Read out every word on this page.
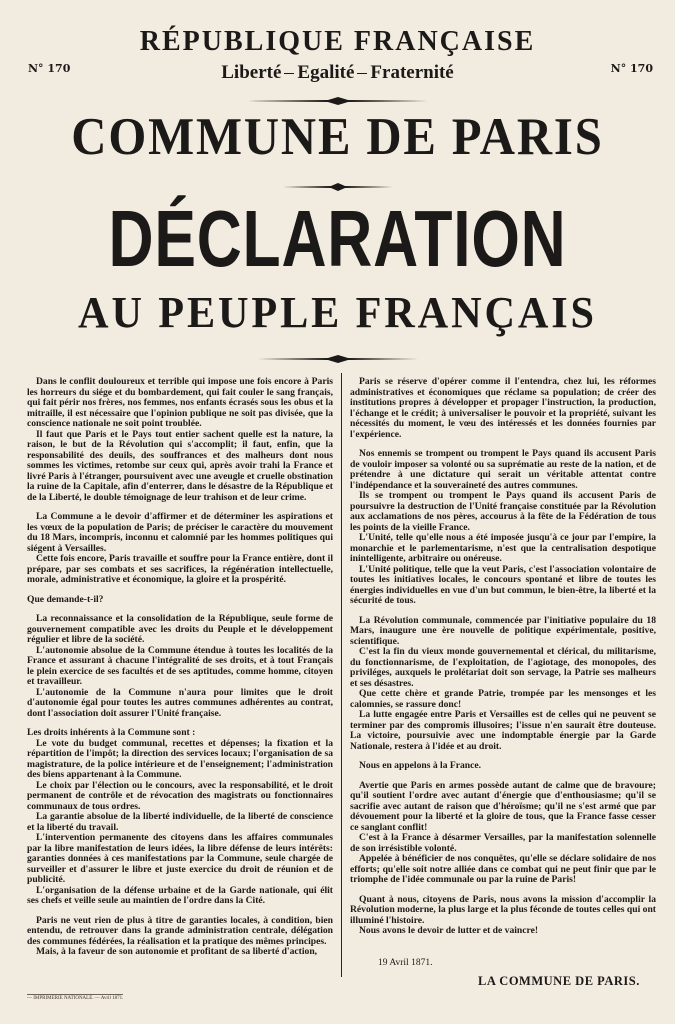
N° 170	N° 170
RÉPUBLIQUE FRANÇAISE
Liberté Egalité Fraternité
COMMUNE DE PARIS
DÉCLARATION
AU PEUPLE FRANÇAIS

Dans le conflit douloureux et terrible qui impose une fois encore à Paris les horreurs du siége et du bombardement, qui fait couler le sang français, qui fait périr nos frères, nos femmes, nos enfants écrasés sous les obus et la mitraille, il est nécessaire que l'opinion publique ne soit pas divisée, que la conscience nationale ne soit point troublée.

Il faut que Paris et le Pays tout entier sachent quelle est la nature, la raison, le but de la Révolution qui s'accomplit; il faut, enfin, que la responsabilité des deuils, des souffrances et des malheurs dont nous sommes les victimes, retombe sur ceux qui, après avoir trahi la France et livré Paris à l'étranger, poursuivent avec une aveugle et cruelle obstination la ruine de la Capitale, afin d'enterrer, dans le désastre de la République et de la Liberté, le double témoignage de leur trahison et de leur crime.

La Commune a le devoir d'affirmer et de déterminer les aspirations et les vœux de la population de Paris; de préciser le caractère du mouvement du 18 Mars, incompris, inconnu et calomnié par les hommes politiques qui siégent à Versailles.

Cette fois encore, Paris travaille et souffre pour la France entière, dont il prépare, par ses combats et ses sacrifices, la régénération intellectuelle, morale, administrative et économique, la gloire et la prospérité.

Que demande-t-il?

La reconnaissance et la consolidation de la République, seule forme de gouvernement compatible avec les droits du Peuple et le développement régulier et libre de la société.

L'autonomie absolue de la Commune étendue à toutes les localités de la France et assurant à chacune l'intégralité de ses droits, et à tout Français le plein exercice de ses facultés et de ses aptitudes, comme homme, citoyen et travailleur.

L'autonomie de la Commune n'aura pour limites que le droit d'autonomie égal pour toutes les autres communes adhérentes au contrat, dont l'association doit assurer l'Unité française.

Les droits inhérents à la Commune sont :

Le vote du budget communal, recettes et dépenses; la fixation et la répartition de l'impôt; la direction des services locaux; l'organisation de sa magistrature, de la police intérieure et de l'enseignement; l'administration des biens appartenant à la Commune.

Le choix par l'élection ou le concours, avec la responsabilité, et le droit permanent de contrôle et de révocation des magistrats ou fonctionnaires communaux de tous ordres.

La garantie absolue de la liberté individuelle, de la liberté de conscience et la liberté du travail.

L'intervention permanente des citoyens dans les affaires communales par la libre manifestation de leurs idées, la libre défense de leurs intérêts: garanties données à ces manifestations par la Commune, seule chargée de surveiller et d'assurer le libre et juste exercice du droit de réunion et de publicité.

L'organisation de la défense urbaine et de la Garde nationale, qui élit ses chefs et veille seule au maintien de l'ordre dans la Cité.

Paris ne veut rien de plus à titre de garanties locales, à condition, bien entendu, de retrouver dans la grande administration centrale, délégation des communes fédérées, la réalisation et la pratique des mêmes principes.

Mais, à la faveur de son autonomie et profitant de sa liberté d'action,

Paris se réserve d'opérer comme il l'entendra, chez lui, les réformes administratives et économiques que réclame sa population; de créer des institutions propres à développer et propager l'instruction, la production, l'échange et le crédit; à universaliser le pouvoir et la propriété, suivant les nécessités du moment, le vœu des intéressés et les données fournies par l'expérience.

Nos ennemis se trompent ou trompent le Pays quand ils accusent Paris de vouloir imposer sa volonté ou sa suprématie au reste de la nation, et de prétendre à une dictature qui serait un véritable attentat contre l'indépendance et la souveraineté des autres communes.

Ils se trompent ou trompent le Pays quand ils accusent Paris de poursuivre la destruction de l'Unité française constituée par la Révolution aux acclamations de nos pères, accourus à la fête de la Fédération de tous les points de la vieille France.

L'Unité, telle qu'elle nous a été imposée jusqu'à ce jour par l'empire, la monarchie et le parlementarisme, n'est que la centralisation despotique inintelligente, arbitraire ou onéreuse.

L'Unité politique, telle que la veut Paris, c'est l'association volontaire de toutes les initiatives locales, le concours spontané et libre de toutes les énergies individuelles en vue d'un but commun, le bien-être, la liberté et la sécurité de tous.

La Révolution communale, commencée par l'initiative populaire du 18 Mars, inaugure une ère nouvelle de politique expérimentale, positive, scientifique.

C'est la fin du vieux monde gouvernemental et clérical, du militarisme, du fonctionnarisme, de l'exploitation, de l'agiotage, des monopoles, des priviléges, auxquels le prolétariat doit son servage, la Patrie ses malheurs et ses désastres.

Que cette chère et grande Patrie, trompée par les mensonges et les calomnies, se rassure donc!

La lutte engagée entre Paris et Versailles est de celles qui ne peuvent se terminer par des compromis illusoires; l'issue n'en saurait être douteuse. La victoire, poursuivie avec une indomptable énergie par la Garde Nationale, restera à l'idée et au droit.

Nous en appelons à la France.

Avertie que Paris en armes possède autant de calme que de bravoure; qu'il soutient l'ordre avec autant d'énergie que d'enthousiasme; qu'il se sacrifie avec autant de raison que d'héroïsme; qu'il ne s'est armé que par dévouement pour la liberté et la gloire de tous, que la France fasse cesser ce sanglant conflit!

C'est à la France à désarmer Versailles, par la manifestation solennelle de son irrésistible volonté.

Appelée à bénéficier de nos conquêtes, qu'elle se déclare solidaire de nos efforts; qu'elle soit notre alliée dans ce combat qui ne peut finir que par le triomphe de l'idée communale ou par la ruine de Paris!

Quant à nous, citoyens de Paris, nous avons la mission d'accomplir la Révolution moderne, la plus large et la plus féconde de toutes celles qui ont illuminé l'histoire.

Nous avons le devoir de lutter et de vaincre!

19 Avril 1871.
LA COMMUNE DE PARIS.
— IMPRIMERIE NATIONALE. — Avril 1871.
